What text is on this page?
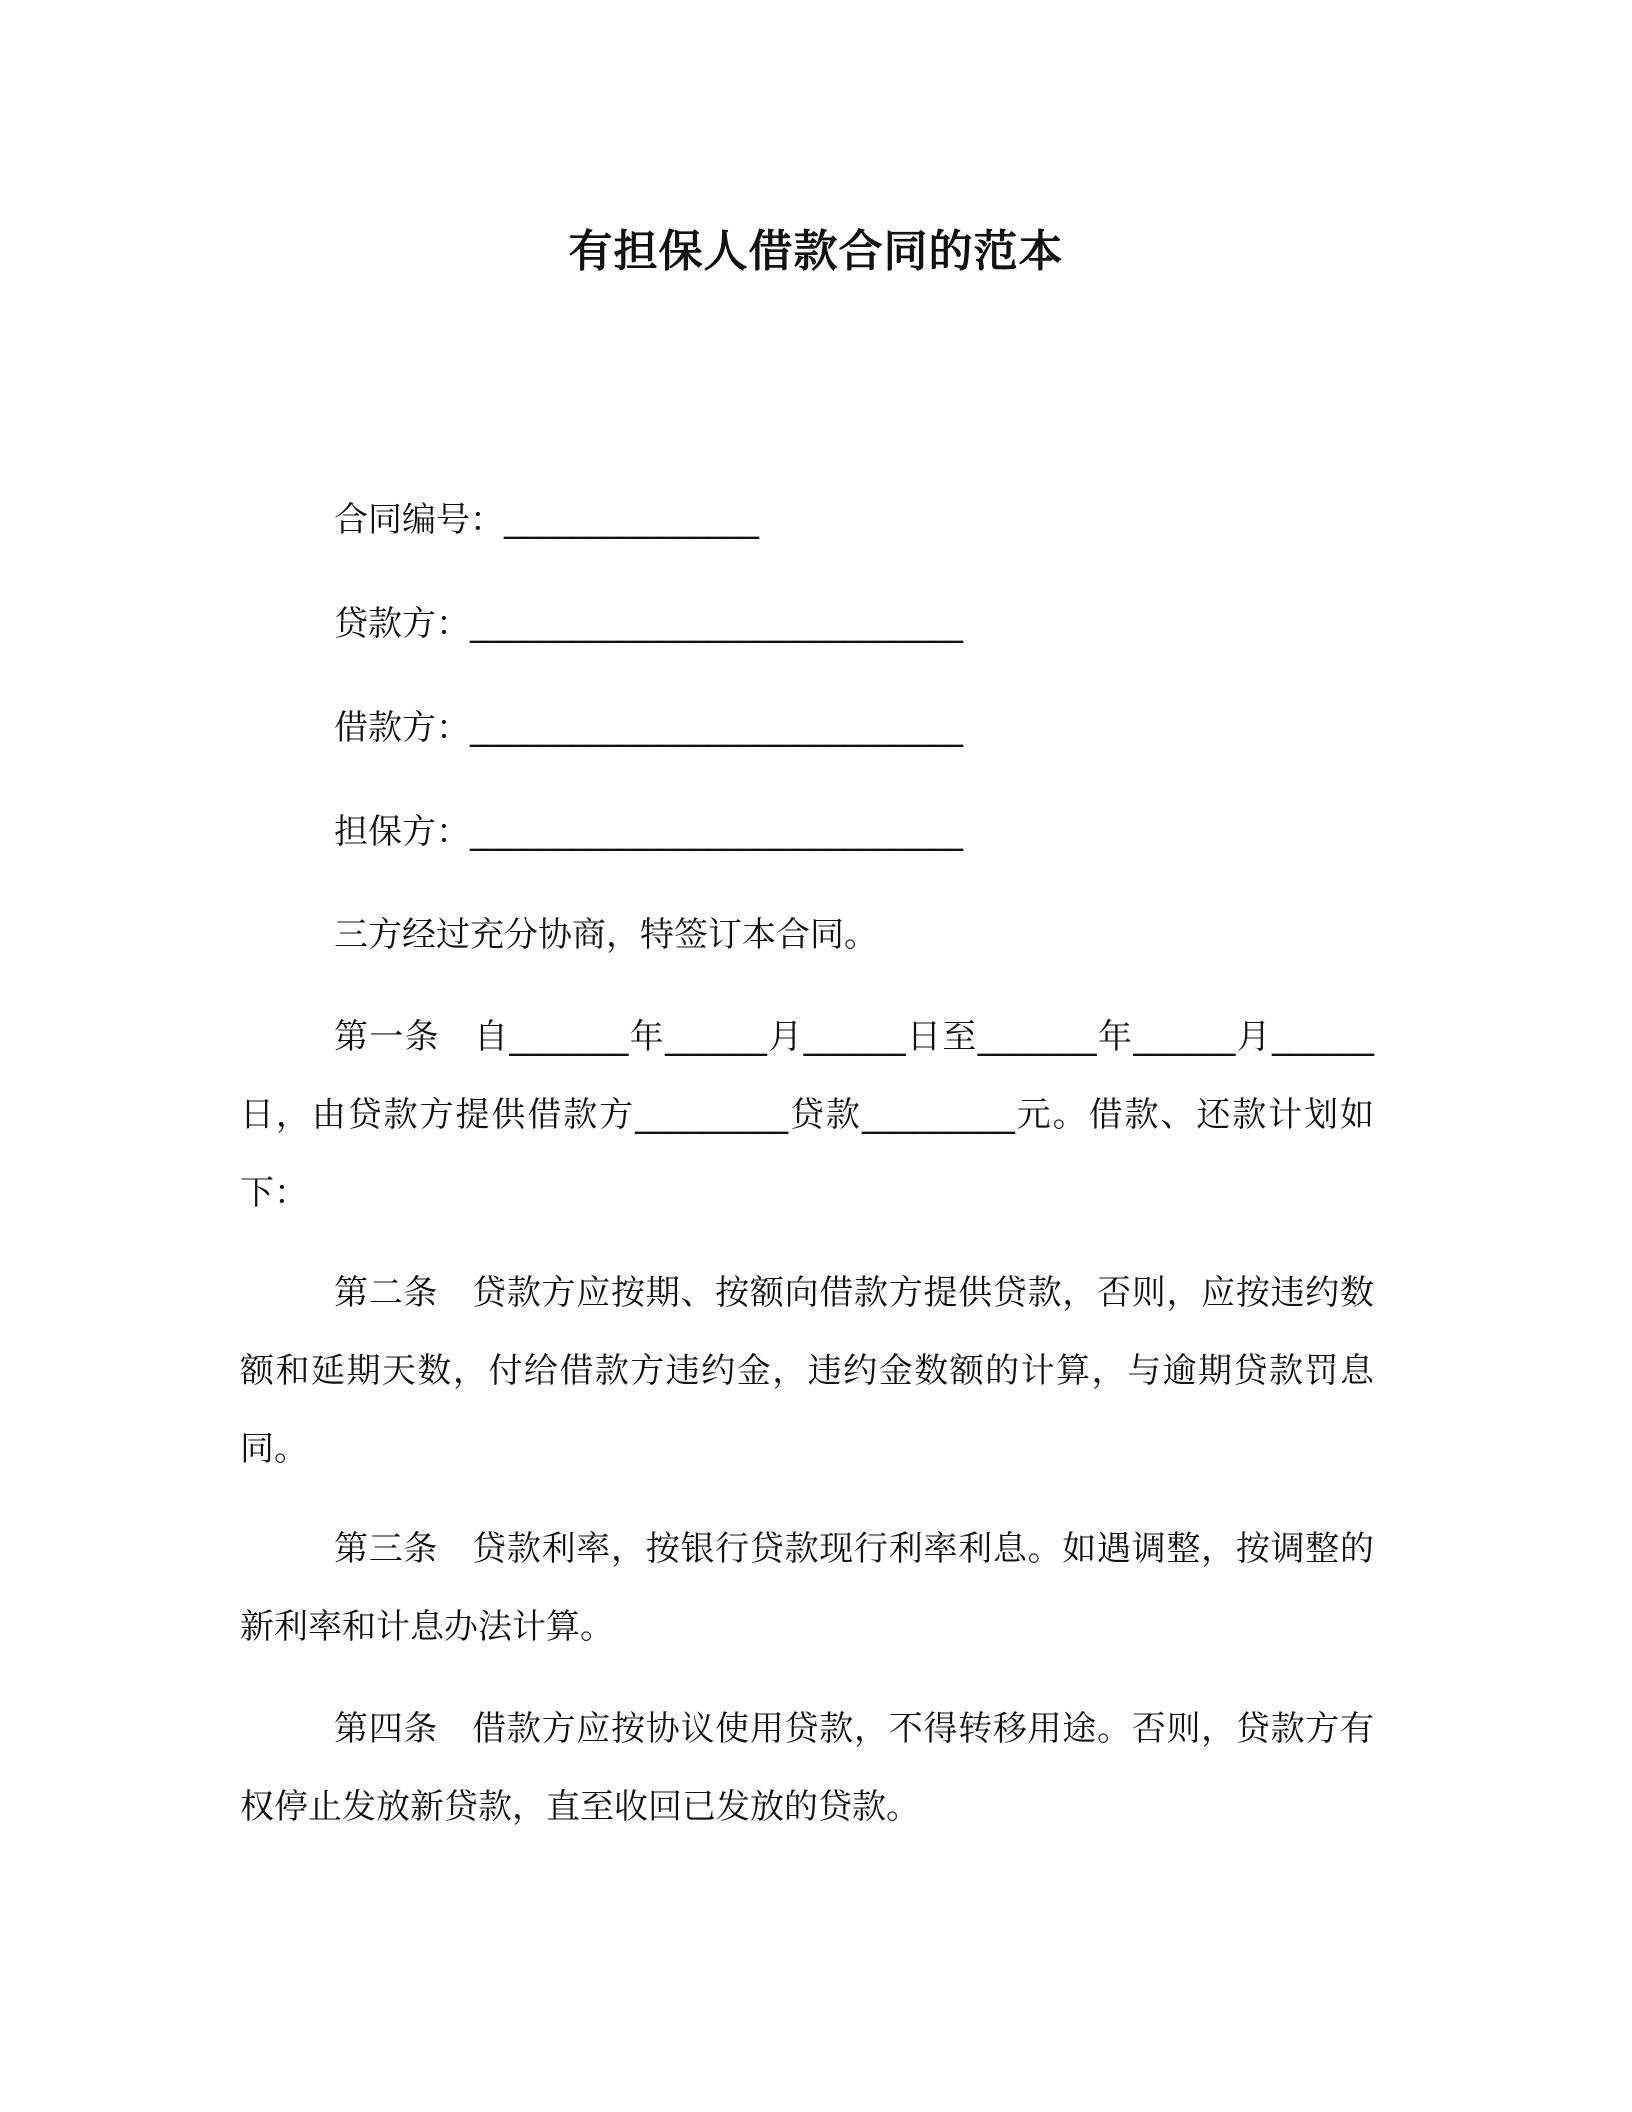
有担保人借款合同的范本
合同编号：_______________
贷款方：_____________________________
借款方：_____________________________
担保方：_____________________________

三方经过充分协商，特签订本合同。

第一条 自_______年______月______日至_______年______月______日，由贷款方提供借款方_________贷款_________元。借款、还款计划如下：

第二条 贷款方应按期、按额向借款方提供贷款，否则，应按违约数额和延期天数，付给借款方违约金，违约金数额的计算，与逾期贷款罚息同。

第三条 贷款利率，按银行贷款现行利率利息。如遇调整，按调整的新利率和计息办法计算。

第四条 借款方应按协议使用贷款，不得转移用途。否则，贷款方有权停止发放新贷款，直至收回已发放的贷款。
